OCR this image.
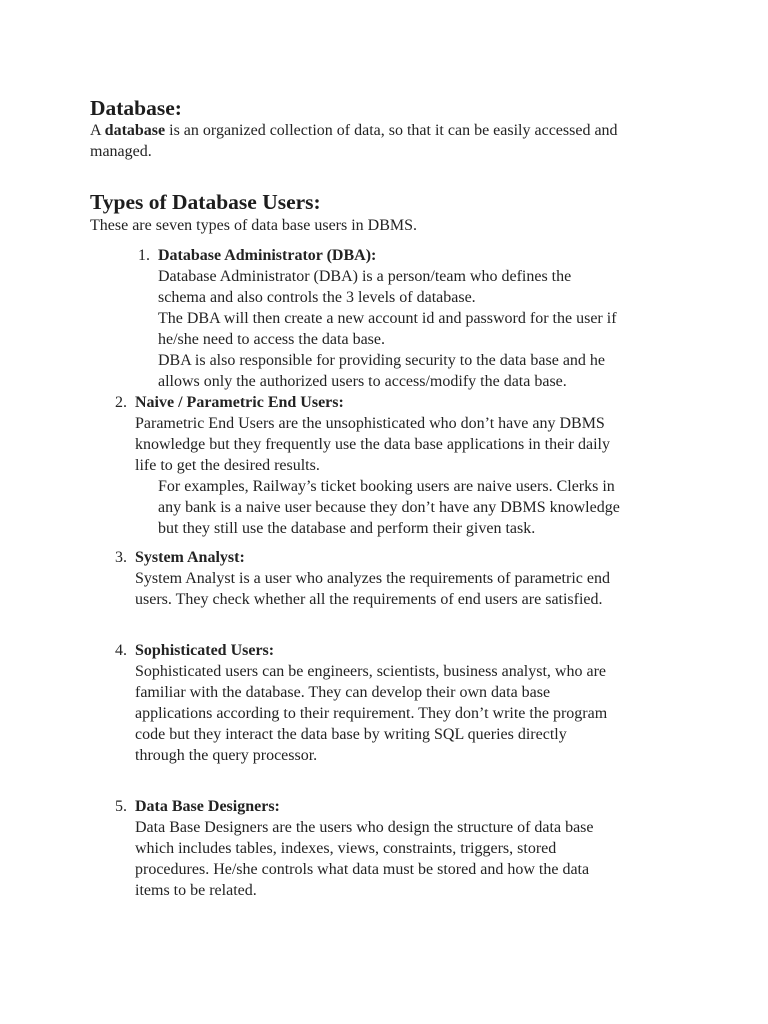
Database:
A database is an organized collection of data, so that it can be easily accessed and
managed.
Types of Database Users:
These are seven types of data base users in DBMS.
1. Database Administrator (DBA):
Database Administrator (DBA) is a person/team who defines the
schema and also controls the 3 levels of database.
The DBA will then create a new account id and password for the user if
he/she need to access the data base.
DBA is also responsible for providing security to the data base and he
allows only the authorized users to access/modify the data base.
2. Naive / Parametric End Users:
Parametric End Users are the unsophisticated who don’t have any DBMS
knowledge but they frequently use the data base applications in their daily
life to get the desired results.
For examples, Railway’s ticket booking users are naive users. Clerks in
any bank is a naive user because they don’t have any DBMS knowledge
but they still use the database and perform their given task.
3. System Analyst:
System Analyst is a user who analyzes the requirements of parametric end
users. They check whether all the requirements of end users are satisfied.
4. Sophisticated Users:
Sophisticated users can be engineers, scientists, business analyst, who are
familiar with the database. They can develop their own data base
applications according to their requirement. They don’t write the program
code but they interact the data base by writing SQL queries directly
through the query processor.
5. Data Base Designers:
Data Base Designers are the users who design the structure of data base
which includes tables, indexes, views, constraints, triggers, stored
procedures. He/she controls what data must be stored and how the data
items to be related.
